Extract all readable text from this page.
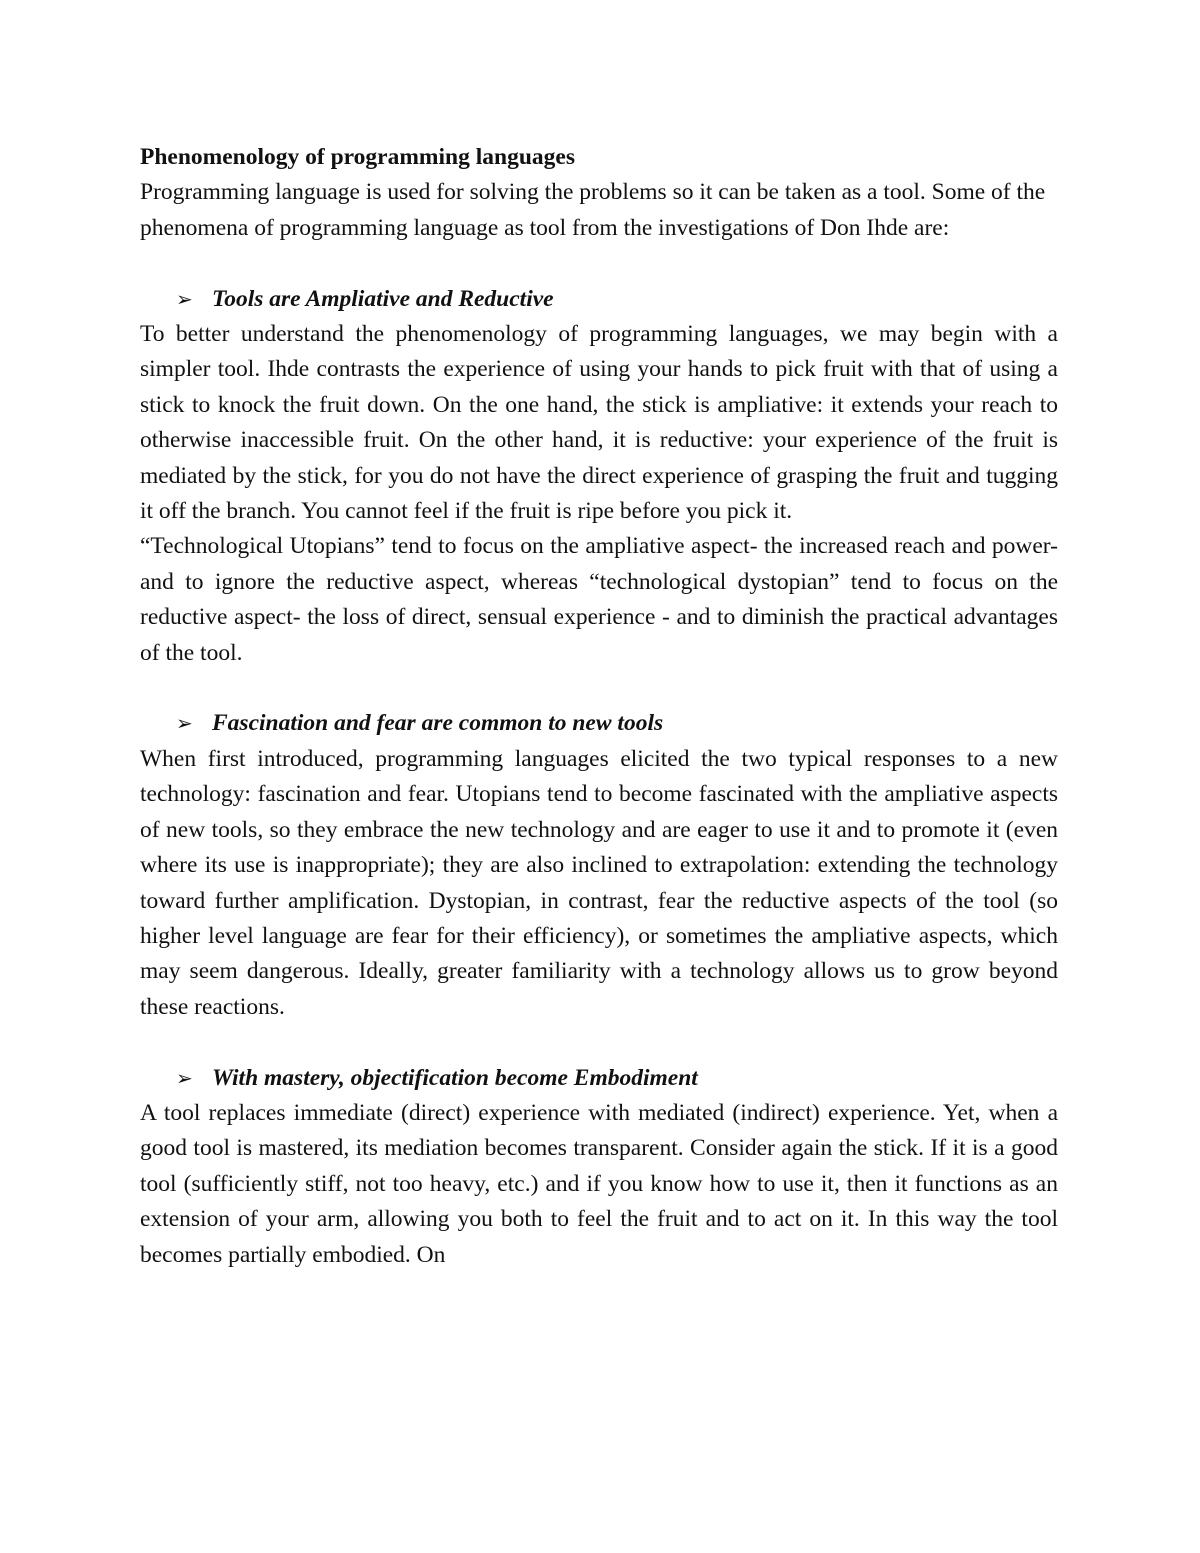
Phenomenology of programming languages

Programming language is used for solving the problems so it can be taken as a tool. Some of the phenomena of programming language as tool from the investigations of Don Ihde are:

➢ Tools are Ampliative and Reductive

To better understand the phenomenology of programming languages, we may begin with a simpler tool. Ihde contrasts the experience of using your hands to pick fruit with that of using a stick to knock the fruit down. On the one hand, the stick is ampliative: it extends your reach to otherwise inaccessible fruit. On the other hand, it is reductive: your experience of the fruit is mediated by the stick, for you do not have the direct experience of grasping the fruit and tugging it off the branch. You cannot feel if the fruit is ripe before you pick it.

“Technological Utopians” tend to focus on the ampliative aspect- the increased reach and power- and to ignore the reductive aspect, whereas “technological dystopian” tend to focus on the reductive aspect- the loss of direct, sensual experience - and to diminish the practical advantages of the tool.

➢ Fascination and fear are common to new tools

When first introduced, programming languages elicited the two typical responses to a new technology: fascination and fear. Utopians tend to become fascinated with the ampliative aspects of new tools, so they embrace the new technology and are eager to use it and to promote it (even where its use is inappropriate); they are also inclined to extrapolation: extending the technology toward further amplification. Dystopian, in contrast, fear the reductive aspects of the tool (so higher level language are fear for their efficiency), or sometimes the ampliative aspects, which may seem dangerous. Ideally, greater familiarity with a technology allows us to grow beyond these reactions.

➢ With mastery, objectification become Embodiment

A tool replaces immediate (direct) experience with mediated (indirect) experience. Yet, when a good tool is mastered, its mediation becomes transparent. Consider again the stick. If it is a good tool (sufficiently stiff, not too heavy, etc.) and if you know how to use it, then it functions as an extension of your arm, allowing you both to feel the fruit and to act on it. In this way the tool becomes partially embodied. On
